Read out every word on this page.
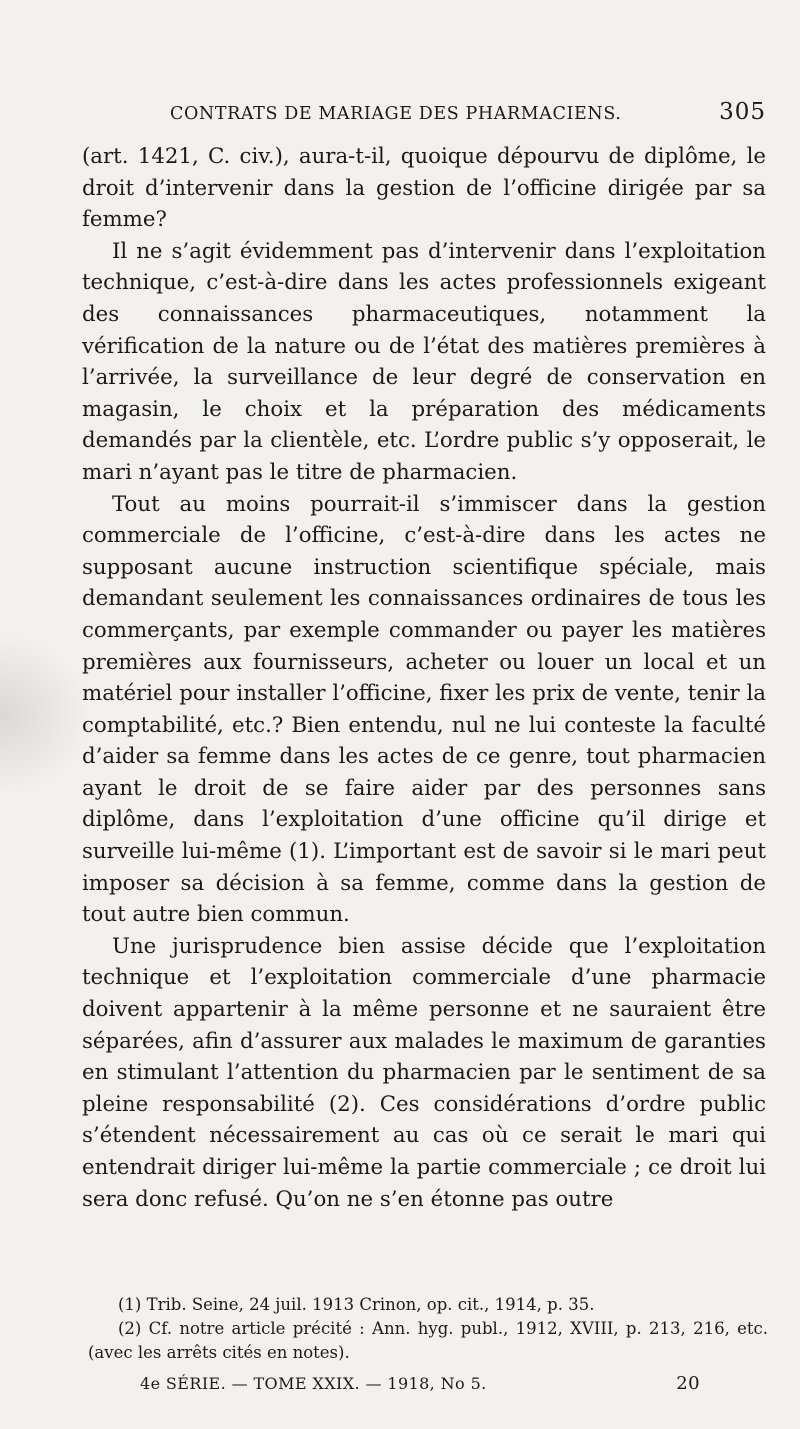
CONTRATS DE MARIAGE DES PHARMACIENS.	305

(art. 1421, C. civ.), aura-t-il, quoique dépourvu de diplôme, le droit d’intervenir dans la gestion de l’officine dirigée par sa femme?

Il ne s’agit évidemment pas d’intervenir dans l’exploitation technique, c’est-à-dire dans les actes professionnels exigeant des connaissances pharmaceutiques, notamment la vérification de la nature ou de l’état des matières premières à l’arrivée, la surveillance de leur degré de conservation en magasin, le choix et la préparation des médicaments demandés par la clientèle, etc. L’ordre public s’y opposerait, le mari n’ayant pas le titre de pharmacien.

Tout au moins pourrait-il s’immiscer dans la gestion commerciale de l’officine, c’est-à-dire dans les actes ne supposant aucune instruction scientifique spéciale, mais demandant seulement les connaissances ordinaires de tous les commerçants, par exemple commander ou payer les matières premières aux fournisseurs, acheter ou louer un local et un matériel pour installer l’officine, fixer les prix de vente, tenir la comptabilité, etc.? Bien entendu, nul ne lui conteste la faculté d’aider sa femme dans les actes de ce genre, tout pharmacien ayant le droit de se faire aider par des personnes sans diplôme, dans l’exploitation d’une officine qu’il dirige et surveille lui-même (1). L’important est de savoir si le mari peut imposer sa décision à sa femme, comme dans la gestion de tout autre bien commun.

Une jurisprudence bien assise décide que l’exploitation technique et l’exploitation commerciale d’une pharmacie doivent appartenir à la même personne et ne sauraient être séparées, afin d’assurer aux malades le maximum de garanties en stimulant l’attention du pharmacien par le sentiment de sa pleine responsabilité (2). Ces considérations d’ordre public s’étendent nécessairement au cas où ce serait le mari qui entendrait diriger lui-même la partie commerciale ; ce droit lui sera donc refusé. Qu’on ne s’en étonne pas outre

(1) Trib. Seine, 24 juil. 1913 Crinon, op. cit., 1914, p. 35.

(2) Cf. notre article précité : Ann. hyg. publ., 1912, XVIII, p. 213, 216, etc. (avec les arrêts cités en notes).

4e SÉRIE. — TOME XXIX. — 1918, No 5.	20
